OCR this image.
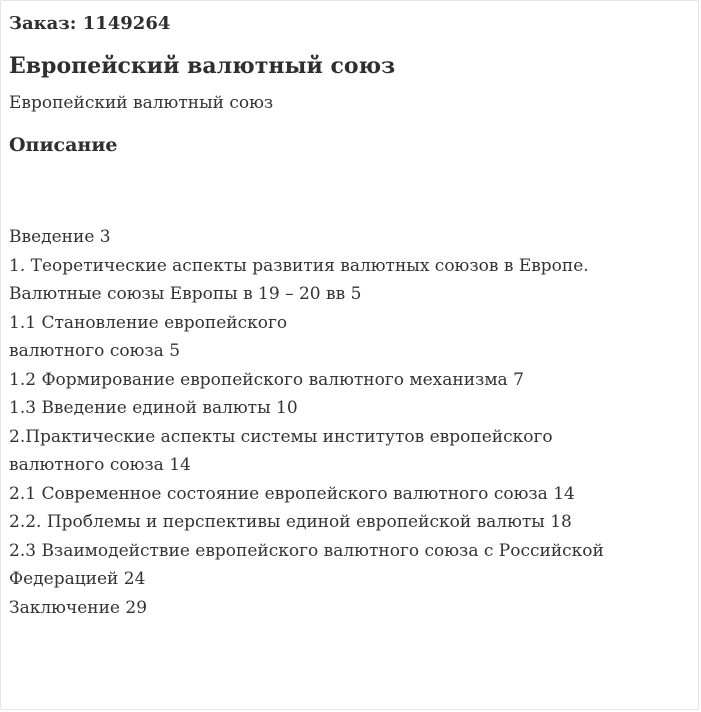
Заказ: 1149264
Европейский валютный союз
Европейский валютный союз
Описание
Введение 3
1. Теоретические аспекты развития валютных союзов в Европе.
Валютные союзы Европы в 19 – 20 вв 5
1.1 Становление европейского
валютного союза 5
1.2 Формирование европейского валютного механизма 7
1.3 Введение единой валюты 10
2.Практические аспекты системы институтов европейского
валютного союза 14
2.1 Современное состояние европейского валютного союза 14
2.2. Проблемы и перспективы единой европейской валюты 18
2.3 Взаимодействие европейского валютного союза с Российской
Федерацией 24
Заключение 29
